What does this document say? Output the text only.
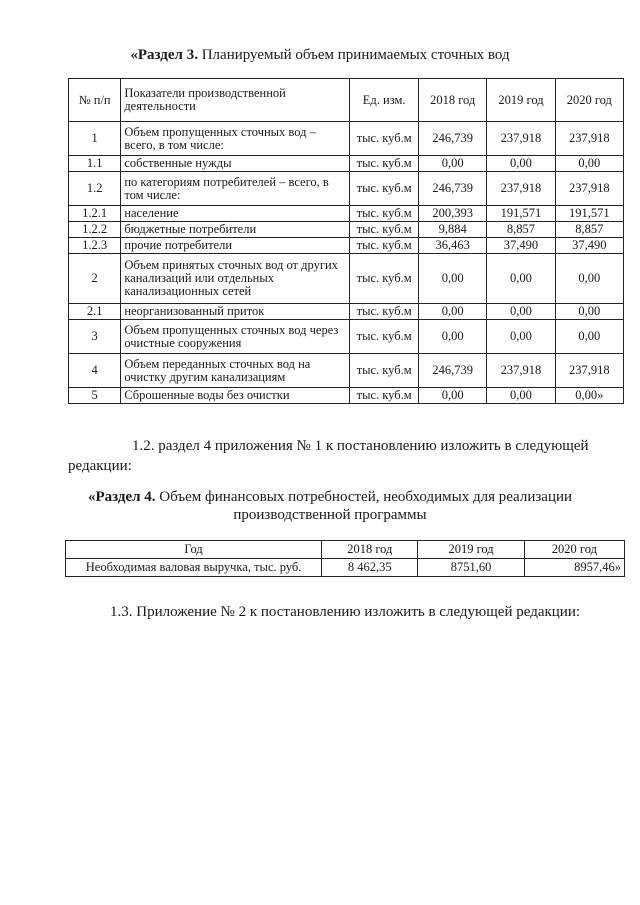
«Раздел 3. Планируемый объем принимаемых сточных вод
№ п/п	Показатели производственной деятельности	Ед. изм.	2018 год	2019 год	2020 год
1	Объем пропущенных сточных вод – всего, в том числе:	тыс. куб.м	246,739	237,918	237,918
1.1	собственные нужды	тыс. куб.м	0,00	0,00	0,00
1.2	по категориям потребителей – всего, в том числе:	тыс. куб.м	246,739	237,918	237,918
1.2.1	население	тыс. куб.м	200,393	191,571	191,571
1.2.2	бюджетные потребители	тыс. куб.м	9,884	8,857	8,857
1.2.3	прочие потребители	тыс. куб.м	36,463	37,490	37,490
2	Объем принятых сточных вод от других канализаций или отдельных канализационных сетей	тыс. куб.м	0,00	0,00	0,00
2.1	неорганизованный приток	тыс. куб.м	0,00	0,00	0,00
3	Объем пропущенных сточных вод через очистные сооружения	тыс. куб.м	0,00	0,00	0,00
4	Объем переданных сточных вод на очистку другим канализациям	тыс. куб.м	246,739	237,918	237,918
5	Сброшенные воды без очистки	тыс. куб.м	0,00	0,00	0,00»
1.2. раздел 4 приложения № 1 к постановлению изложить в следующей
редакции:
«Раздел 4. Объем финансовых потребностей, необходимых для реализации
производственной программы
Год	2018 год	2019 год	2020 год
Необходимая валовая выручка, тыс. руб.	8 462,35	8751,60	8957,46»
1.3. Приложение № 2 к постановлению изложить в следующей редакции:
